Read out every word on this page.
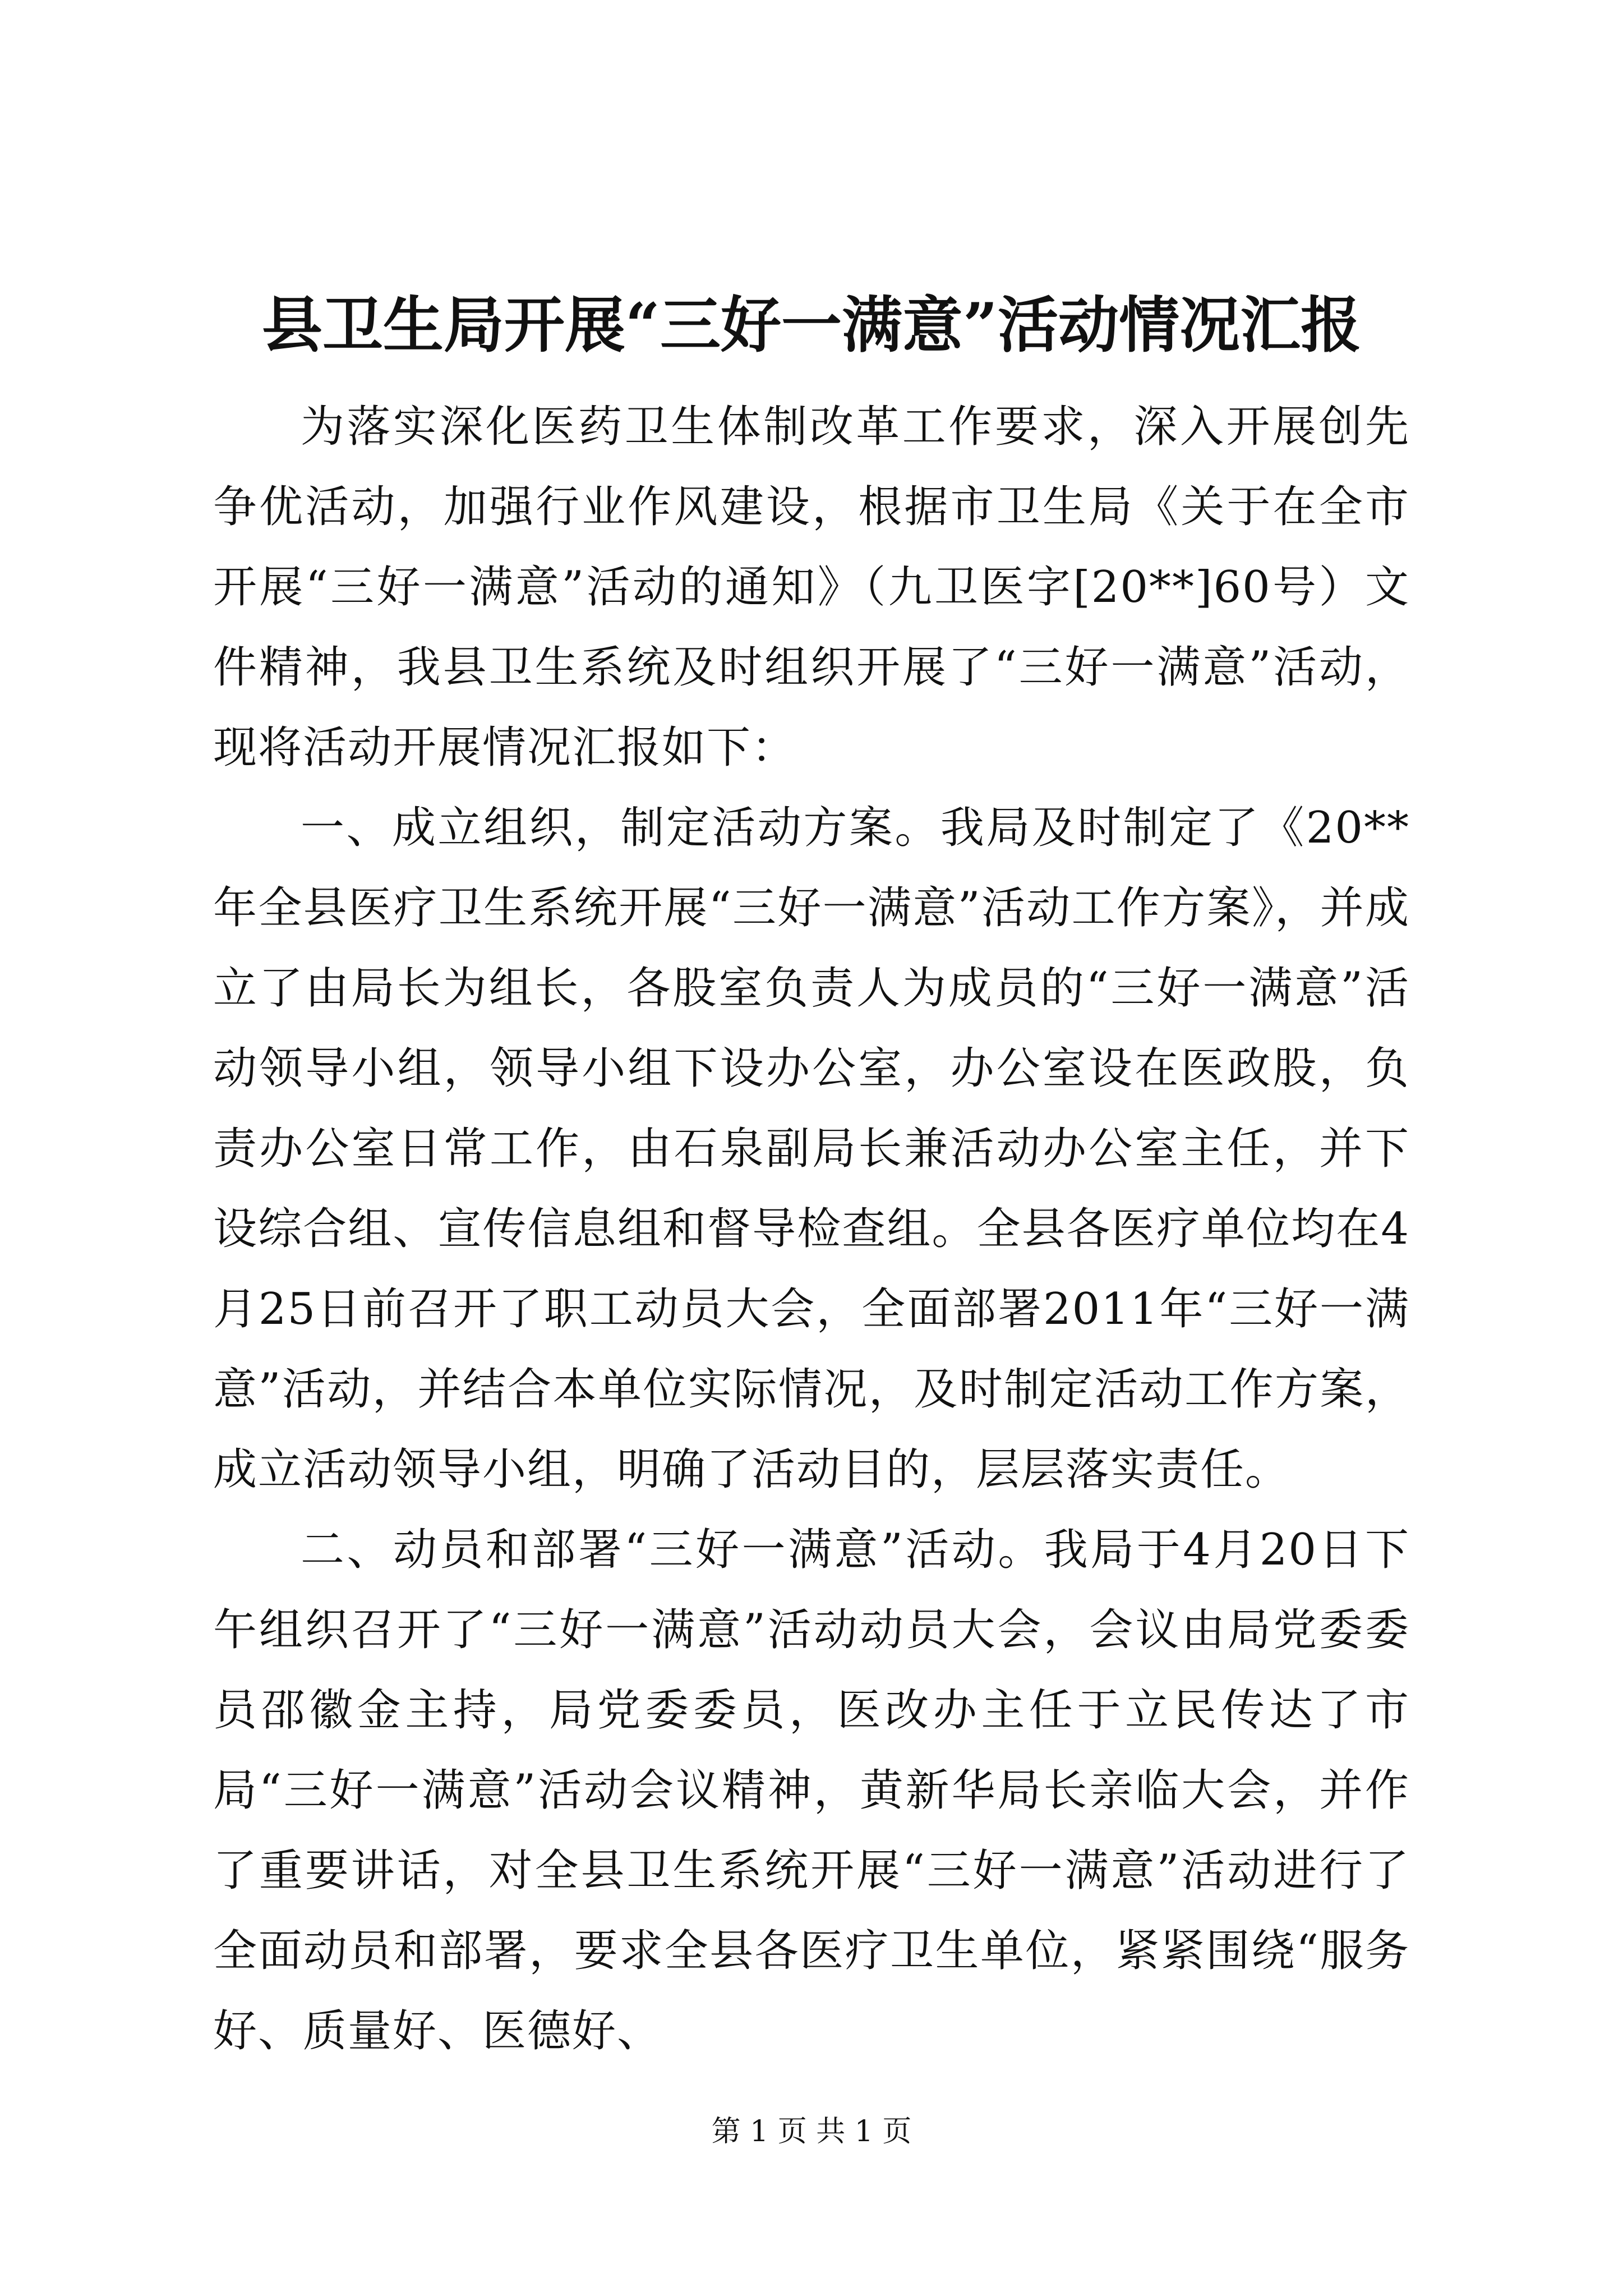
县卫生局开展“三好一满意”活动情况汇报

为落实深化医药卫生体制改革工作要求，深入开展创先争优活动，加强行业作风建设，根据市卫生局《关于在全市开展“三好一满意”活动的通知》（九卫医字[20**]60号）文件精神，我县卫生系统及时组织开展了“三好一满意”活动，现将活动开展情况汇报如下：

一、成立组织，制定活动方案。我局及时制定了《20**年全县医疗卫生系统开展“三好一满意”活动工作方案》，并成立了由局长为组长，各股室负责人为成员的“三好一满意”活动领导小组，领导小组下设办公室，办公室设在医政股，负责办公室日常工作，由石泉副局长兼活动办公室主任，并下设综合组、宣传信息组和督导检查组。全县各医疗单位均在4月25日前召开了职工动员大会，全面部署2011年“三好一满意”活动，并结合本单位实际情况，及时制定活动工作方案，成立活动领导小组，明确了活动目的，层层落实责任。

二、动员和部署“三好一满意”活动。我局于4月20日下午组织召开了“三好一满意”活动动员大会，会议由局党委委员邵徽金主持，局党委委员，医改办主任于立民传达了市局“三好一满意”活动会议精神，黄新华局长亲临大会，并作了重要讲话，对全县卫生系统开展“三好一满意”活动进行了全面动员和部署，要求全县各医疗卫生单位，紧紧围绕“服务好、质量好、医德好、

第 1 页 共 1 页
